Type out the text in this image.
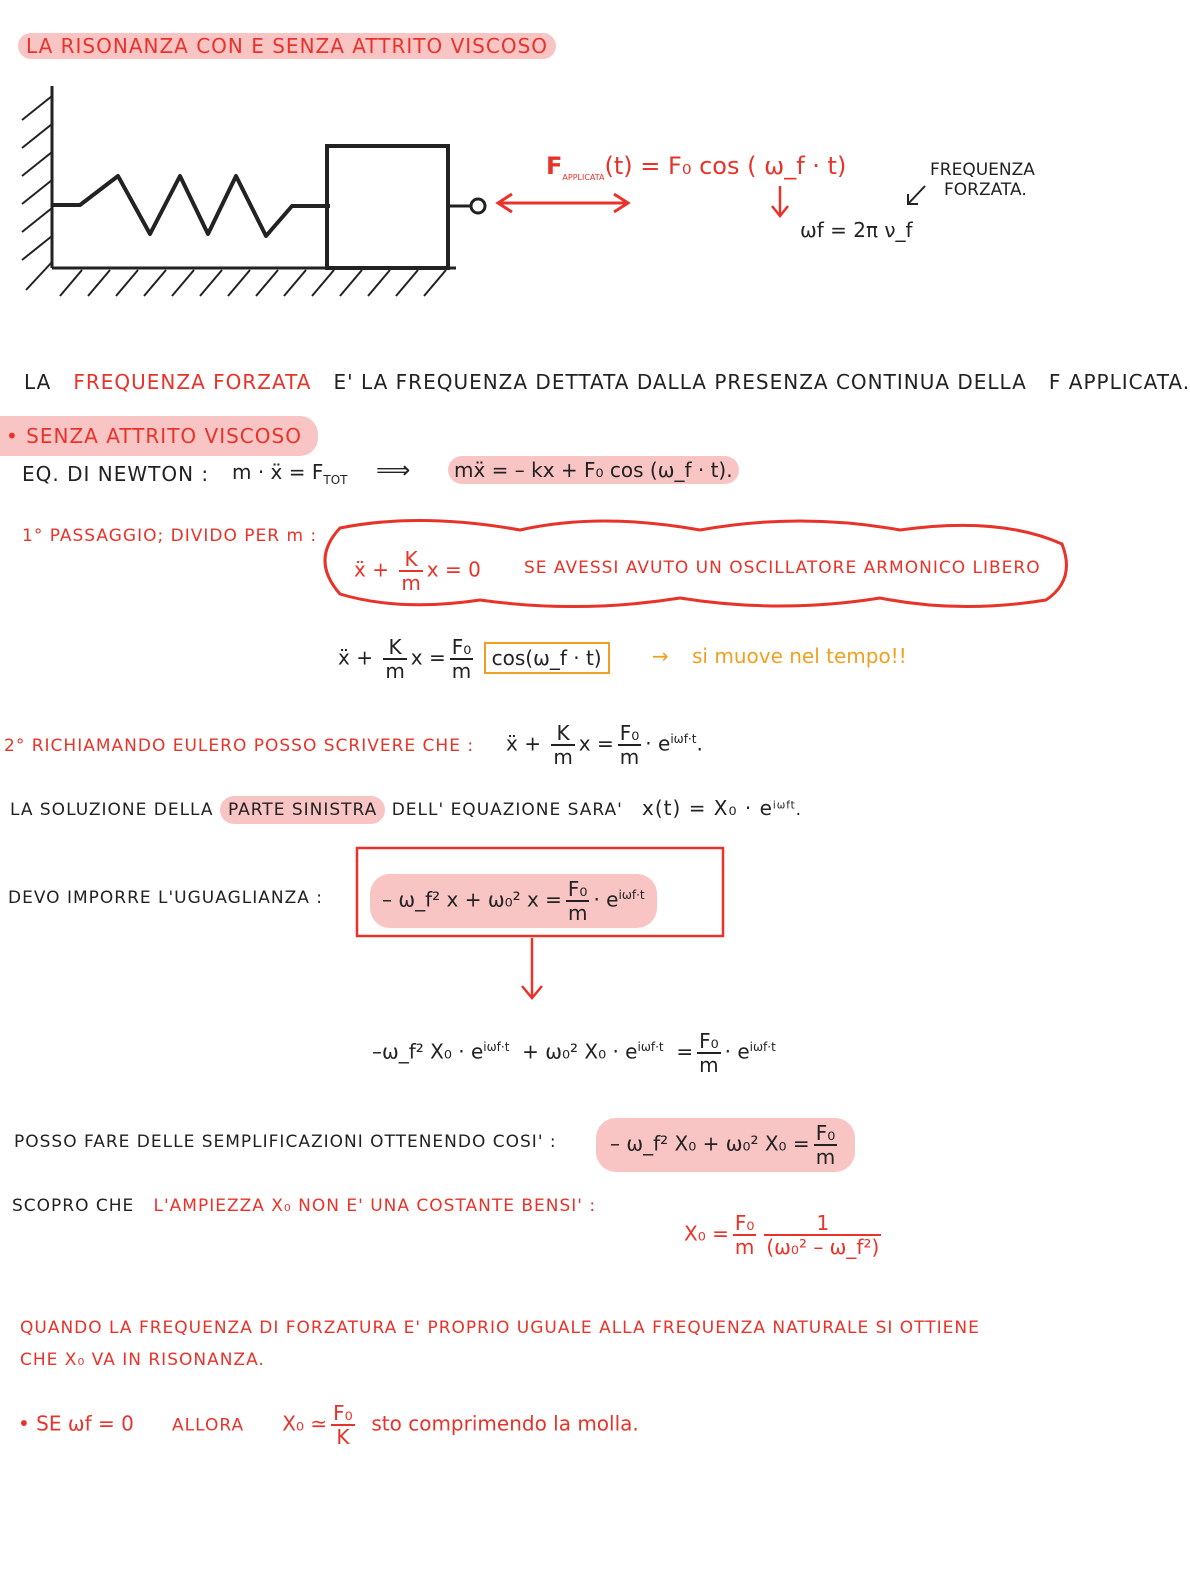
LA RISONANZA CON E SENZA ATTRITO VISCOSO
$F_{APPLICATA}(t) = F_0$ cos ( ω_f · t)	FREQUENZA
FORZATA.
ωf = 2π ν_f
LA FREQUENZA FORZATA E' LA FREQUENZA DETTATA DALLA PRESENZA CONTINUA DELLA F APPLICATA.
• SENZA ATTRITO VISCOSO
EQ. DI NEWTON : m · ẍ = $F_{TOT}$ ⟹	mẍ = – kx + F₀ cos (ω_f · t).
1° PASSAGGIO; DIVIDO PER m :
ẍ + $\frac{K}{m}$ x = 0	SE AVESSI AVUTO UN OSCILLATORE ARMONICO LIBERO
ẍ + $\frac{K}{m}$ $x = \frac{\text{F₀}}{m}$ cos(ω_f · t)	→ si muove nel tempo!!
2° RICHIAMANDO EULERO POSSO SCRIVERE CHE : ẍ + $\frac{K}{m}$ $x = \frac{\text{F₀}}{m} \cdot e^{i\omega f\cdot t}$.
LA SOLUZIONE DELLA PARTE SINISTRA DELL' EQUAZIONE SARA' $x(t) = X_0 \cdot e^{i\omega ft}$.
DEVO IMPORRE L'UGUAGLIANZA :	– ω_f² x + ω₀² $x = \frac{\text{F₀}}{m} \cdot e^{i\omega f\cdot t}$
–ω_f² $X_0 \cdot e^{i\omega f\cdot t} + \omega_0^2$ $X_0 \cdot e^{i\omega f\cdot t} = \frac{\text{F₀}}{m} \cdot e^{i\omega f\cdot t}$
POSSO FARE DELLE SEMPLIFICAZIONI OTTENENDO COSI' :	– ω_f² X₀ + ω₀² $X_0 = \frac{\text{F₀}}{m}$
SCOPRO CHE L'AMPIEZZA X₀ NON E' UNA COSTANTE BENSI' :
$X_0 = \frac{\text{F₀}}{m} \frac{1}{\text{(ω₀² – ω\_f²)}}$
QUANDO LA FREQUENZA DI FORZATURA E' PROPRIO UGUALE ALLA FREQUENZA NATURALE SI OTTIENE
CHE X₀ VA IN RISONANZA.
• SE ωf = 0 ALLORA X₀ ≃ $\frac{\text{F₀}}{K}$ sto comprimendo la molla.
